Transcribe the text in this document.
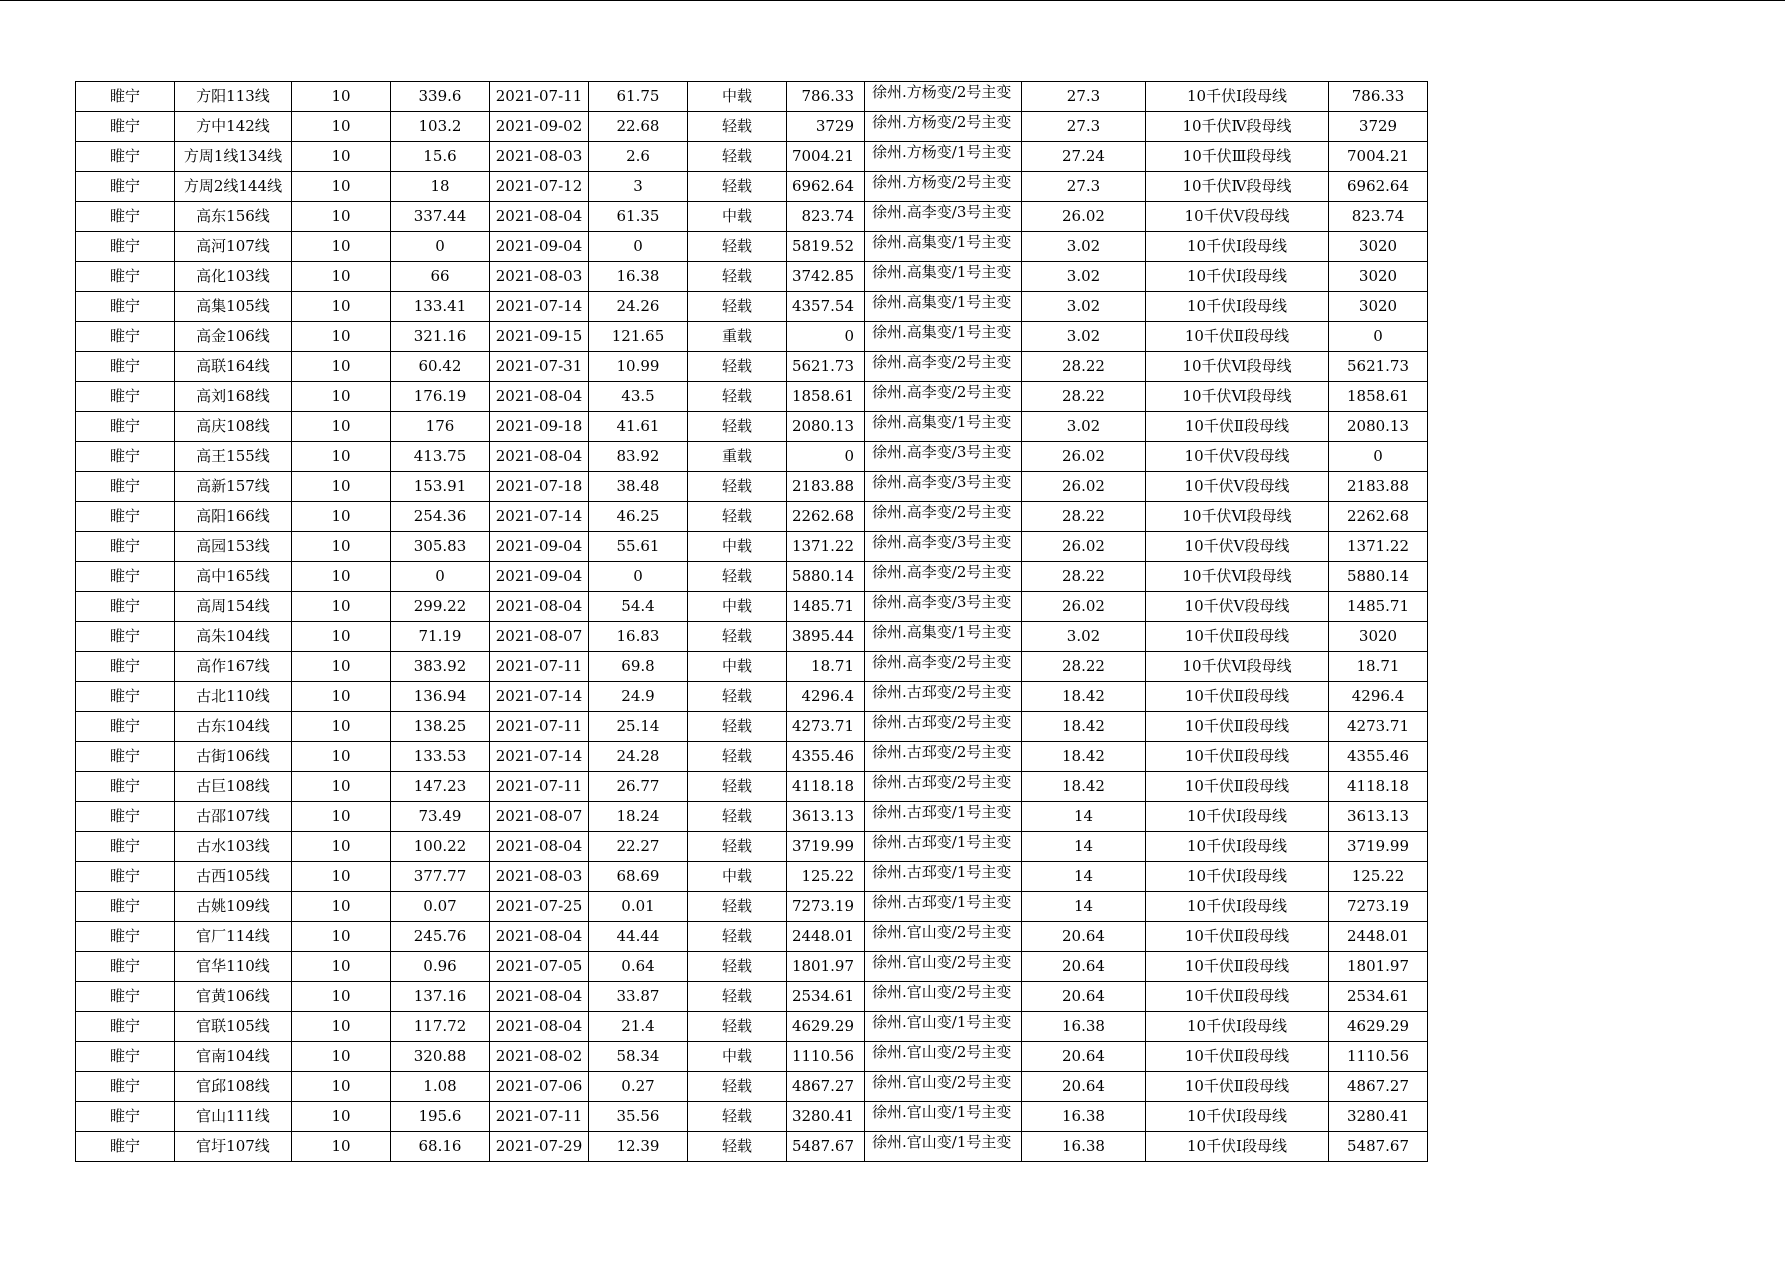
睢宁	方阳113线	10	339.6	2021-07-11	61.75	中载	786.33	徐州.方杨变/2号主变	27.3	10千伏Ⅰ段母线	786.33
睢宁	方中142线	10	103.2	2021-09-02	22.68	轻载	3729	徐州.方杨变/2号主变	27.3	10千伏Ⅳ段母线	3729
睢宁	方周1线134线	10	15.6	2021-08-03	2.6	轻载	7004.21	徐州.方杨变/1号主变	27.24	10千伏Ⅲ段母线	7004.21
睢宁	方周2线144线	10	18	2021-07-12	3	轻载	6962.64	徐州.方杨变/2号主变	27.3	10千伏Ⅳ段母线	6962.64
睢宁	高东156线	10	337.44	2021-08-04	61.35	中载	823.74	徐州.高李变/3号主变	26.02	10千伏Ⅴ段母线	823.74
睢宁	高河107线	10	0	2021-09-04	0	轻载	5819.52	徐州.高集变/1号主变	3.02	10千伏Ⅰ段母线	3020
睢宁	高化103线	10	66	2021-08-03	16.38	轻载	3742.85	徐州.高集变/1号主变	3.02	10千伏Ⅰ段母线	3020
睢宁	高集105线	10	133.41	2021-07-14	24.26	轻载	4357.54	徐州.高集变/1号主变	3.02	10千伏Ⅰ段母线	3020
睢宁	高金106线	10	321.16	2021-09-15	121.65	重载	0	徐州.高集变/1号主变	3.02	10千伏Ⅱ段母线	0
睢宁	高联164线	10	60.42	2021-07-31	10.99	轻载	5621.73	徐州.高李变/2号主变	28.22	10千伏Ⅵ段母线	5621.73
睢宁	高刘168线	10	176.19	2021-08-04	43.5	轻载	1858.61	徐州.高李变/2号主变	28.22	10千伏Ⅵ段母线	1858.61
睢宁	高庆108线	10	176	2021-09-18	41.61	轻载	2080.13	徐州.高集变/1号主变	3.02	10千伏Ⅱ段母线	2080.13
睢宁	高王155线	10	413.75	2021-08-04	83.92	重载	0	徐州.高李变/3号主变	26.02	10千伏Ⅴ段母线	0
睢宁	高新157线	10	153.91	2021-07-18	38.48	轻载	2183.88	徐州.高李变/3号主变	26.02	10千伏Ⅴ段母线	2183.88
睢宁	高阳166线	10	254.36	2021-07-14	46.25	轻载	2262.68	徐州.高李变/2号主变	28.22	10千伏Ⅵ段母线	2262.68
睢宁	高园153线	10	305.83	2021-09-04	55.61	中载	1371.22	徐州.高李变/3号主变	26.02	10千伏Ⅴ段母线	1371.22
睢宁	高中165线	10	0	2021-09-04	0	轻载	5880.14	徐州.高李变/2号主变	28.22	10千伏Ⅵ段母线	5880.14
睢宁	高周154线	10	299.22	2021-08-04	54.4	中载	1485.71	徐州.高李变/3号主变	26.02	10千伏Ⅴ段母线	1485.71
睢宁	高朱104线	10	71.19	2021-08-07	16.83	轻载	3895.44	徐州.高集变/1号主变	3.02	10千伏Ⅱ段母线	3020
睢宁	高作167线	10	383.92	2021-07-11	69.8	中载	18.71	徐州.高李变/2号主变	28.22	10千伏Ⅵ段母线	18.71
睢宁	古北110线	10	136.94	2021-07-14	24.9	轻载	4296.4	徐州.古邳变/2号主变	18.42	10千伏Ⅱ段母线	4296.4
睢宁	古东104线	10	138.25	2021-07-11	25.14	轻载	4273.71	徐州.古邳变/2号主变	18.42	10千伏Ⅱ段母线	4273.71
睢宁	古街106线	10	133.53	2021-07-14	24.28	轻载	4355.46	徐州.古邳变/2号主变	18.42	10千伏Ⅱ段母线	4355.46
睢宁	古巨108线	10	147.23	2021-07-11	26.77	轻载	4118.18	徐州.古邳变/2号主变	18.42	10千伏Ⅱ段母线	4118.18
睢宁	古邵107线	10	73.49	2021-08-07	18.24	轻载	3613.13	徐州.古邳变/1号主变	14	10千伏Ⅰ段母线	3613.13
睢宁	古水103线	10	100.22	2021-08-04	22.27	轻载	3719.99	徐州.古邳变/1号主变	14	10千伏Ⅰ段母线	3719.99
睢宁	古西105线	10	377.77	2021-08-03	68.69	中载	125.22	徐州.古邳变/1号主变	14	10千伏Ⅰ段母线	125.22
睢宁	古姚109线	10	0.07	2021-07-25	0.01	轻载	7273.19	徐州.古邳变/1号主变	14	10千伏Ⅰ段母线	7273.19
睢宁	官厂114线	10	245.76	2021-08-04	44.44	轻载	2448.01	徐州.官山变/2号主变	20.64	10千伏Ⅱ段母线	2448.01
睢宁	官华110线	10	0.96	2021-07-05	0.64	轻载	1801.97	徐州.官山变/2号主变	20.64	10千伏Ⅱ段母线	1801.97
睢宁	官黄106线	10	137.16	2021-08-04	33.87	轻载	2534.61	徐州.官山变/2号主变	20.64	10千伏Ⅱ段母线	2534.61
睢宁	官联105线	10	117.72	2021-08-04	21.4	轻载	4629.29	徐州.官山变/1号主变	16.38	10千伏Ⅰ段母线	4629.29
睢宁	官南104线	10	320.88	2021-08-02	58.34	中载	1110.56	徐州.官山变/2号主变	20.64	10千伏Ⅱ段母线	1110.56
睢宁	官邱108线	10	1.08	2021-07-06	0.27	轻载	4867.27	徐州.官山变/2号主变	20.64	10千伏Ⅱ段母线	4867.27
睢宁	官山111线	10	195.6	2021-07-11	35.56	轻载	3280.41	徐州.官山变/1号主变	16.38	10千伏Ⅰ段母线	3280.41
睢宁	官圩107线	10	68.16	2021-07-29	12.39	轻载	5487.67	徐州.官山变/1号主变	16.38	10千伏Ⅰ段母线	5487.67
